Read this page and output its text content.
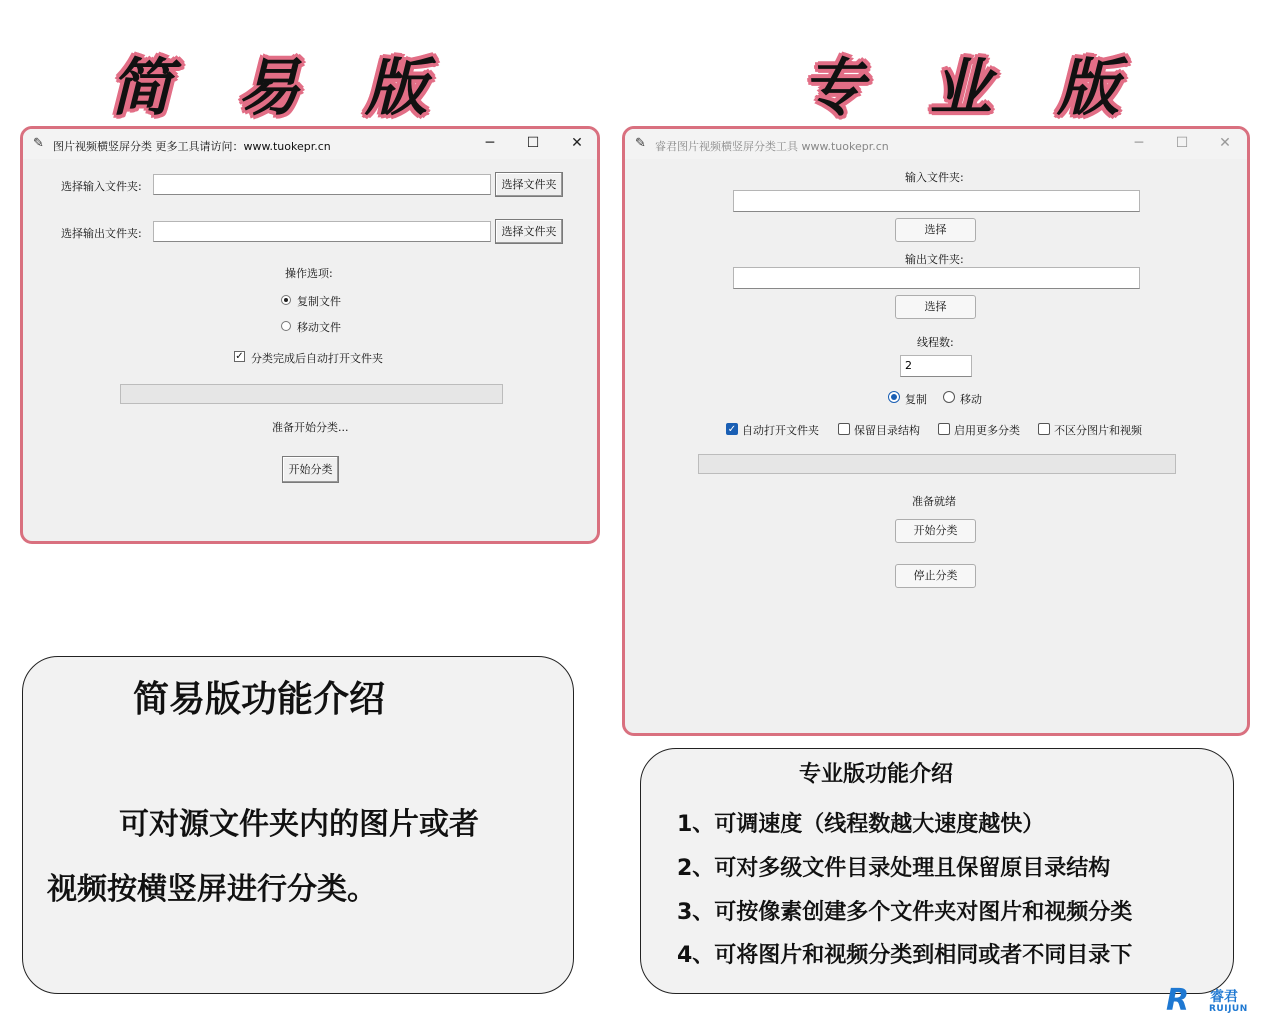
简 易 版	专 业 版
✎ 图片视频横竖屏分类 更多工具请访问：www.tuokepr.cn	─	☐	✕
选择输入文件夹:	选择文件夹
选择输出文件夹:	选择文件夹
操作选项:
复制文件
移动文件
✓ 分类完成后自动打开文件夹
准备开始分类...
开始分类
✎ 睿君图片视频横竖屏分类工具 www.tuokepr.cn	─	☐	✕
输入文件夹:
选择
输出文件夹:
选择
线程数:
2
复制	移动
✓ 自动打开文件夹	保留目录结构	启用更多分类	不区分图片和视频
准备就绪
开始分类
停止分类
简易版功能介绍
可对源文件夹内的图片或者
视频按横竖屏进行分类。
专业版功能介绍
1、可调速度（线程数越大速度越快）
2、可对多级文件目录处理且保留原目录结构
3、可按像素创建多个文件夹对图片和视频分类
4、可将图片和视频分类到相同或者不同目录下
R 睿君
RUIJUN
